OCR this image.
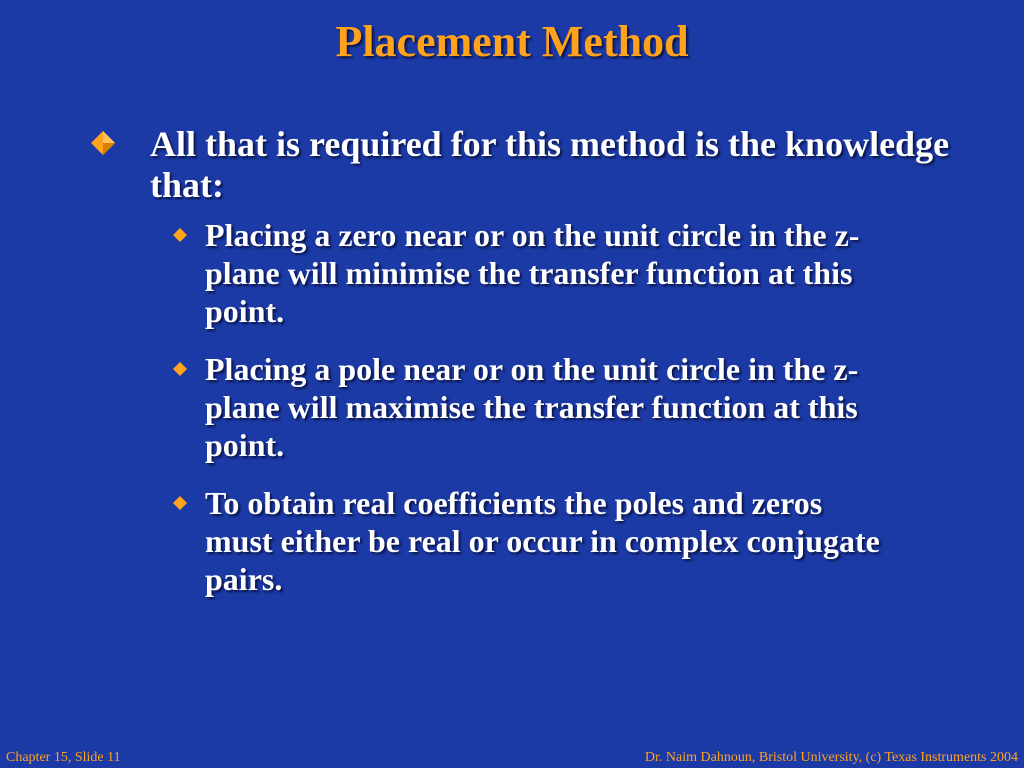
Placement Method
All that is required for this method is the knowledge that:
Placing a zero near or on the unit circle in the z-plane will minimise the transfer function at this point.
Placing a pole near or on the unit circle in the z-plane will maximise the transfer function at this point.
To obtain real coefficients the poles and zeros must either be real or occur in complex conjugate pairs.
Chapter 15, Slide 11	Dr. Naim Dahnoun, Bristol University, (c) Texas Instruments 2004
